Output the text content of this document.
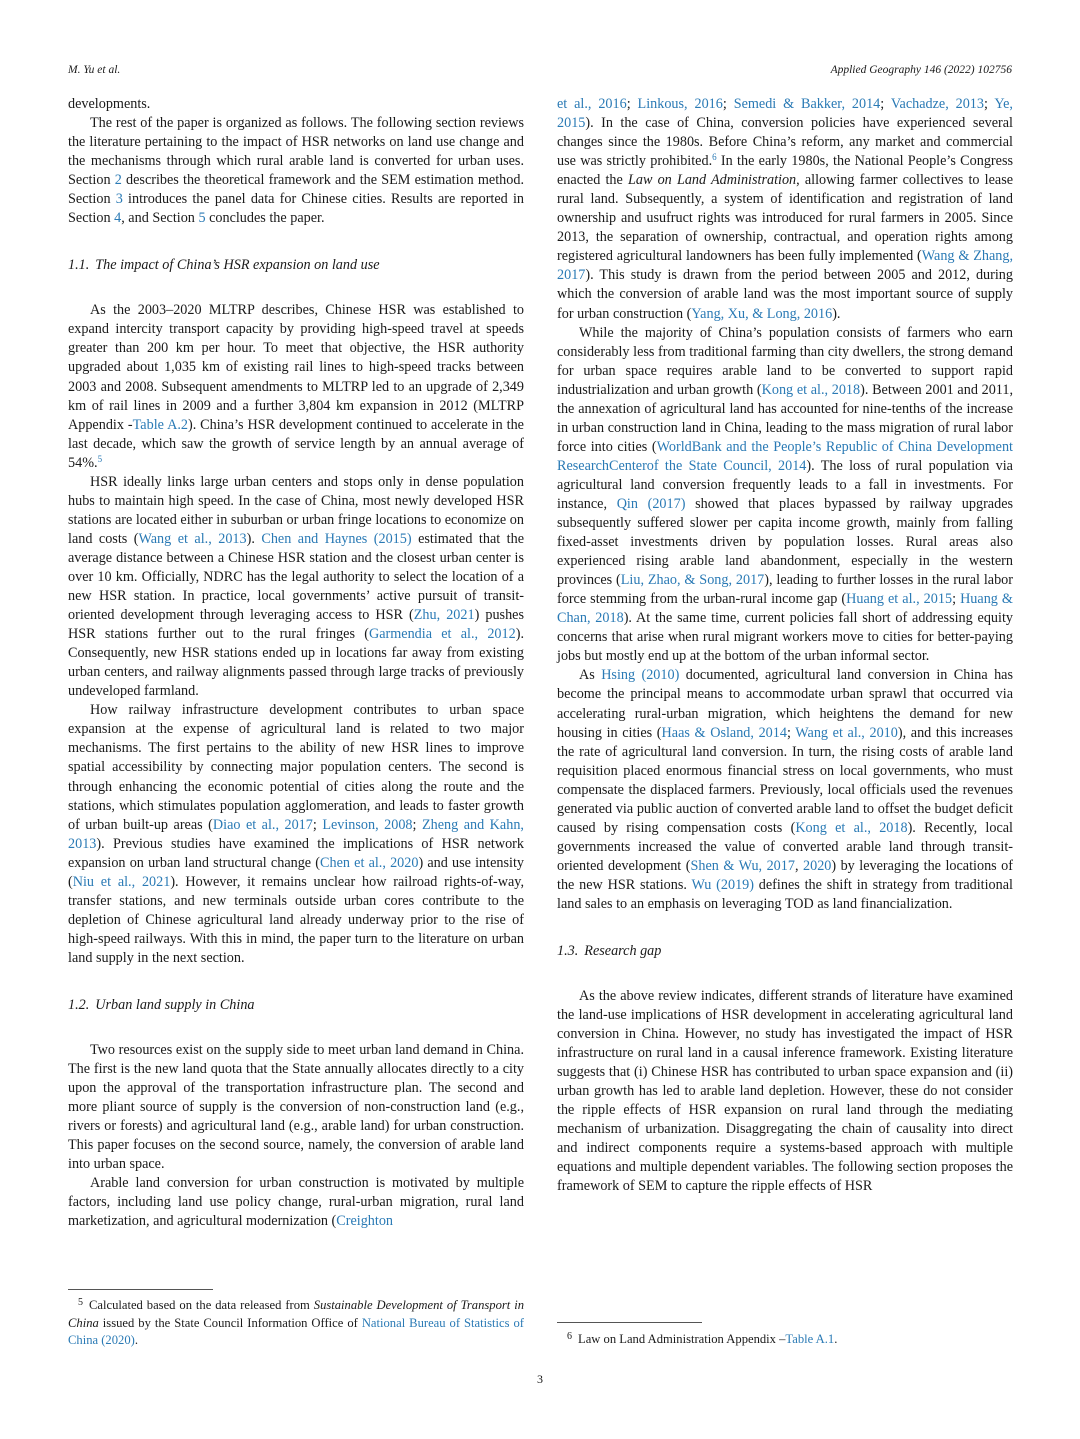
M. Yu et al.	Applied Geography 146 (2022) 102756

developments.

The rest of the paper is organized as follows. The following section reviews the literature pertaining to the impact of HSR networks on land use change and the mechanisms through which rural arable land is converted for urban uses. Section 2 describes the theoretical framework and the SEM estimation method. Section 3 introduces the panel data for Chinese cities. Results are reported in Section 4, and Section 5 concludes the paper.

1.1. The impact of China’s HSR expansion on land use

As the 2003–2020 MLTRP describes, Chinese HSR was established to expand intercity transport capacity by providing high-speed travel at speeds greater than 200 km per hour. To meet that objective, the HSR authority upgraded about 1,035 km of existing rail lines to high-speed tracks between 2003 and 2008. Subsequent amendments to MLTRP led to an upgrade of 2,349 km of rail lines in 2009 and a further 3,804 km expansion in 2012 (MLTRP Appendix -Table A.2). China’s HSR development continued to accelerate in the last decade, which saw the growth of service length by an annual average of 54%.$^5$

HSR ideally links large urban centers and stops only in dense population hubs to maintain high speed. In the case of China, most newly developed HSR stations are located either in suburban or urban fringe locations to economize on land costs (Wang et al., 2013). Chen and Haynes (2015) estimated that the average distance between a Chinese HSR station and the closest urban center is over 10 km. Officially, NDRC has the legal authority to select the location of a new HSR station. In practice, local governments’ active pursuit of transit-oriented development through leveraging access to HSR (Zhu, 2021) pushes HSR stations further out to the rural fringes (Garmendia et al., 2012). Consequently, new HSR stations ended up in locations far away from existing urban centers, and railway alignments passed through large tracks of previously undeveloped farmland.

How railway infrastructure development contributes to urban space expansion at the expense of agricultural land is related to two major mechanisms. The first pertains to the ability of new HSR lines to improve spatial accessibility by connecting major population centers. The second is through enhancing the economic potential of cities along the route and the stations, which stimulates population agglomeration, and leads to faster growth of urban built-up areas (Diao et al., 2017; Levinson, 2008; Zheng and Kahn, 2013). Previous studies have examined the implications of HSR network expansion on urban land structural change (Chen et al., 2020) and use intensity (Niu et al., 2021). However, it remains unclear how railroad rights-of-way, transfer stations, and new terminals outside urban cores contribute to the depletion of Chinese agricultural land already underway prior to the rise of high-speed railways. With this in mind, the paper turn to the literature on urban land supply in the next section.

1.2. Urban land supply in China

Two resources exist on the supply side to meet urban land demand in China. The first is the new land quota that the State annually allocates directly to a city upon the approval of the transportation infrastructure plan. The second and more pliant source of supply is the conversion of non-construction land (e.g., rivers or forests) and agricultural land (e.g., arable land) for urban construction. This paper focuses on the second source, namely, the conversion of arable land into urban space.

Arable land conversion for urban construction is motivated by multiple factors, including land use policy change, rural-urban migration, rural land marketization, and agricultural modernization (Creighton

$^5$ Calculated based on the data released from Sustainable Development of Transport in China issued by the State Council Information Office of National Bureau of Statistics of China (2020).

et al., 2016; Linkous, 2016; Semedi & Bakker, 2014; Vachadze, 2013; Ye, 2015). In the case of China, conversion policies have experienced several changes since the 1980s. Before China’s reform, any market and commercial use was strictly prohibited.$^6$ In the early 1980s, the National People’s Congress enacted the Law on Land Administration, allowing farmer collectives to lease rural land. Subsequently, a system of identification and registration of land ownership and usufruct rights was introduced for rural farmers in 2005. Since 2013, the separation of ownership, contractual, and operation rights among registered agricultural landowners has been fully implemented (Wang & Zhang, 2017). This study is drawn from the period between 2005 and 2012, during which the conversion of arable land was the most important source of supply for urban construction (Yang, Xu, & Long, 2016).

While the majority of China’s population consists of farmers who earn considerably less from traditional farming than city dwellers, the strong demand for urban space requires arable land to be converted to support rapid industrialization and urban growth (Kong et al., 2018). Between 2001 and 2011, the annexation of agricultural land has accounted for nine-tenths of the increase in urban construction land in China, leading to the mass migration of rural labor force into cities (WorldBank and the People’s Republic of China Development ResearchCenterof the State Council, 2014). The loss of rural population via agricultural land conversion frequently leads to a fall in investments. For instance, Qin (2017) showed that places bypassed by railway upgrades subsequently suffered slower per capita income growth, mainly from falling fixed-asset investments driven by population losses. Rural areas also experienced rising arable land abandonment, especially in the western provinces (Liu, Zhao, & Song, 2017), leading to further losses in the rural labor force stemming from the urban-rural income gap (Huang et al., 2015; Huang & Chan, 2018). At the same time, current policies fall short of addressing equity concerns that arise when rural migrant workers move to cities for better-paying jobs but mostly end up at the bottom of the urban informal sector.

As Hsing (2010) documented, agricultural land conversion in China has become the principal means to accommodate urban sprawl that occurred via accelerating rural-urban migration, which heightens the demand for new housing in cities (Haas & Osland, 2014; Wang et al., 2010), and this increases the rate of agricultural land conversion. In turn, the rising costs of arable land requisition placed enormous financial stress on local governments, who must compensate the displaced farmers. Previously, local officials used the revenues generated via public auction of converted arable land to offset the budget deficit caused by rising compensation costs (Kong et al., 2018). Recently, local governments increased the value of converted arable land through transit-oriented development (Shen & Wu, 2017, 2020) by leveraging the locations of the new HSR stations. Wu (2019) defines the shift in strategy from traditional land sales to an emphasis on leveraging TOD as land financialization.

1.3. Research gap

As the above review indicates, different strands of literature have examined the land-use implications of HSR development in accelerating agricultural land conversion in China. However, no study has investigated the impact of HSR infrastructure on rural land in a causal inference framework. Existing literature suggests that (i) Chinese HSR has contributed to urban space expansion and (ii) urban growth has led to arable land depletion. However, these do not consider the ripple effects of HSR expansion on rural land through the mediating mechanism of urbanization. Disaggregating the chain of causality into direct and indirect components require a systems-based approach with multiple equations and multiple dependent variables. The following section proposes the framework of SEM to capture the ripple effects of HSR

$^6$ Law on Land Administration Appendix –Table A.1.
3
